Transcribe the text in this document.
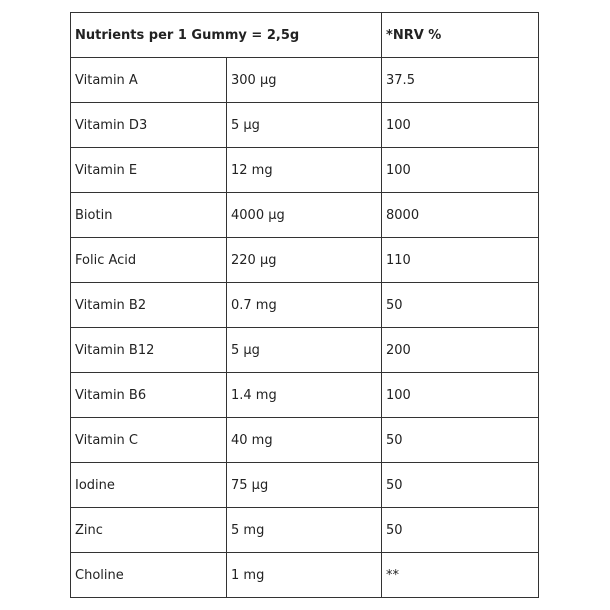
Nutrients per 1 Gummy = 2,5g		*NRV %
Vitamin A	300 µg	37.5
Vitamin D3	5 µg	100
Vitamin E	12 mg	100
Biotin	4000 µg	8000
Folic Acid	220 µg	110
Vitamin B2	0.7 mg	50
Vitamin B12	5 µg	200
Vitamin B6	1.4 mg	100
Vitamin C	40 mg	50
Iodine	75 µg	50
Zinc	5 mg	50
Choline	1 mg	**
